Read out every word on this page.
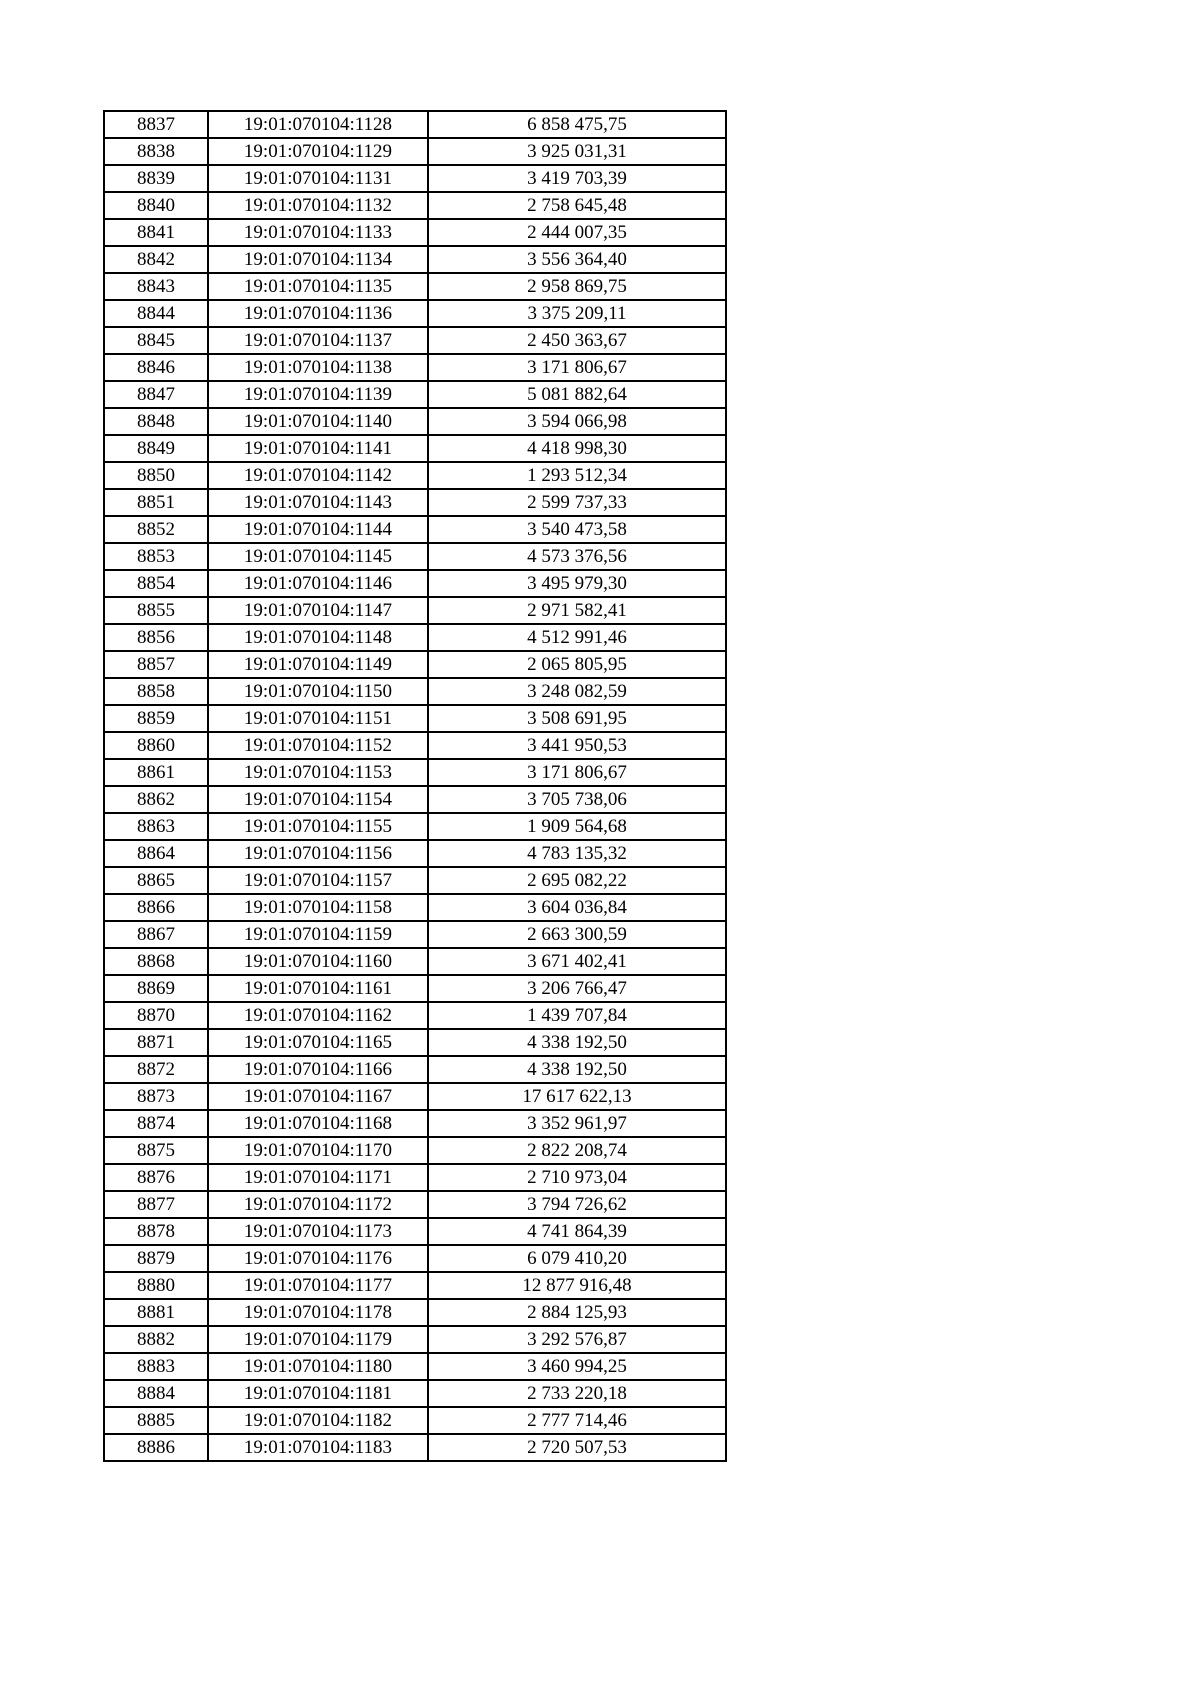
8837	19:01:070104:1128	6 858 475,75
8838	19:01:070104:1129	3 925 031,31
8839	19:01:070104:1131	3 419 703,39
8840	19:01:070104:1132	2 758 645,48
8841	19:01:070104:1133	2 444 007,35
8842	19:01:070104:1134	3 556 364,40
8843	19:01:070104:1135	2 958 869,75
8844	19:01:070104:1136	3 375 209,11
8845	19:01:070104:1137	2 450 363,67
8846	19:01:070104:1138	3 171 806,67
8847	19:01:070104:1139	5 081 882,64
8848	19:01:070104:1140	3 594 066,98
8849	19:01:070104:1141	4 418 998,30
8850	19:01:070104:1142	1 293 512,34
8851	19:01:070104:1143	2 599 737,33
8852	19:01:070104:1144	3 540 473,58
8853	19:01:070104:1145	4 573 376,56
8854	19:01:070104:1146	3 495 979,30
8855	19:01:070104:1147	2 971 582,41
8856	19:01:070104:1148	4 512 991,46
8857	19:01:070104:1149	2 065 805,95
8858	19:01:070104:1150	3 248 082,59
8859	19:01:070104:1151	3 508 691,95
8860	19:01:070104:1152	3 441 950,53
8861	19:01:070104:1153	3 171 806,67
8862	19:01:070104:1154	3 705 738,06
8863	19:01:070104:1155	1 909 564,68
8864	19:01:070104:1156	4 783 135,32
8865	19:01:070104:1157	2 695 082,22
8866	19:01:070104:1158	3 604 036,84
8867	19:01:070104:1159	2 663 300,59
8868	19:01:070104:1160	3 671 402,41
8869	19:01:070104:1161	3 206 766,47
8870	19:01:070104:1162	1 439 707,84
8871	19:01:070104:1165	4 338 192,50
8872	19:01:070104:1166	4 338 192,50
8873	19:01:070104:1167	17 617 622,13
8874	19:01:070104:1168	3 352 961,97
8875	19:01:070104:1170	2 822 208,74
8876	19:01:070104:1171	2 710 973,04
8877	19:01:070104:1172	3 794 726,62
8878	19:01:070104:1173	4 741 864,39
8879	19:01:070104:1176	6 079 410,20
8880	19:01:070104:1177	12 877 916,48
8881	19:01:070104:1178	2 884 125,93
8882	19:01:070104:1179	3 292 576,87
8883	19:01:070104:1180	3 460 994,25
8884	19:01:070104:1181	2 733 220,18
8885	19:01:070104:1182	2 777 714,46
8886	19:01:070104:1183	2 720 507,53
